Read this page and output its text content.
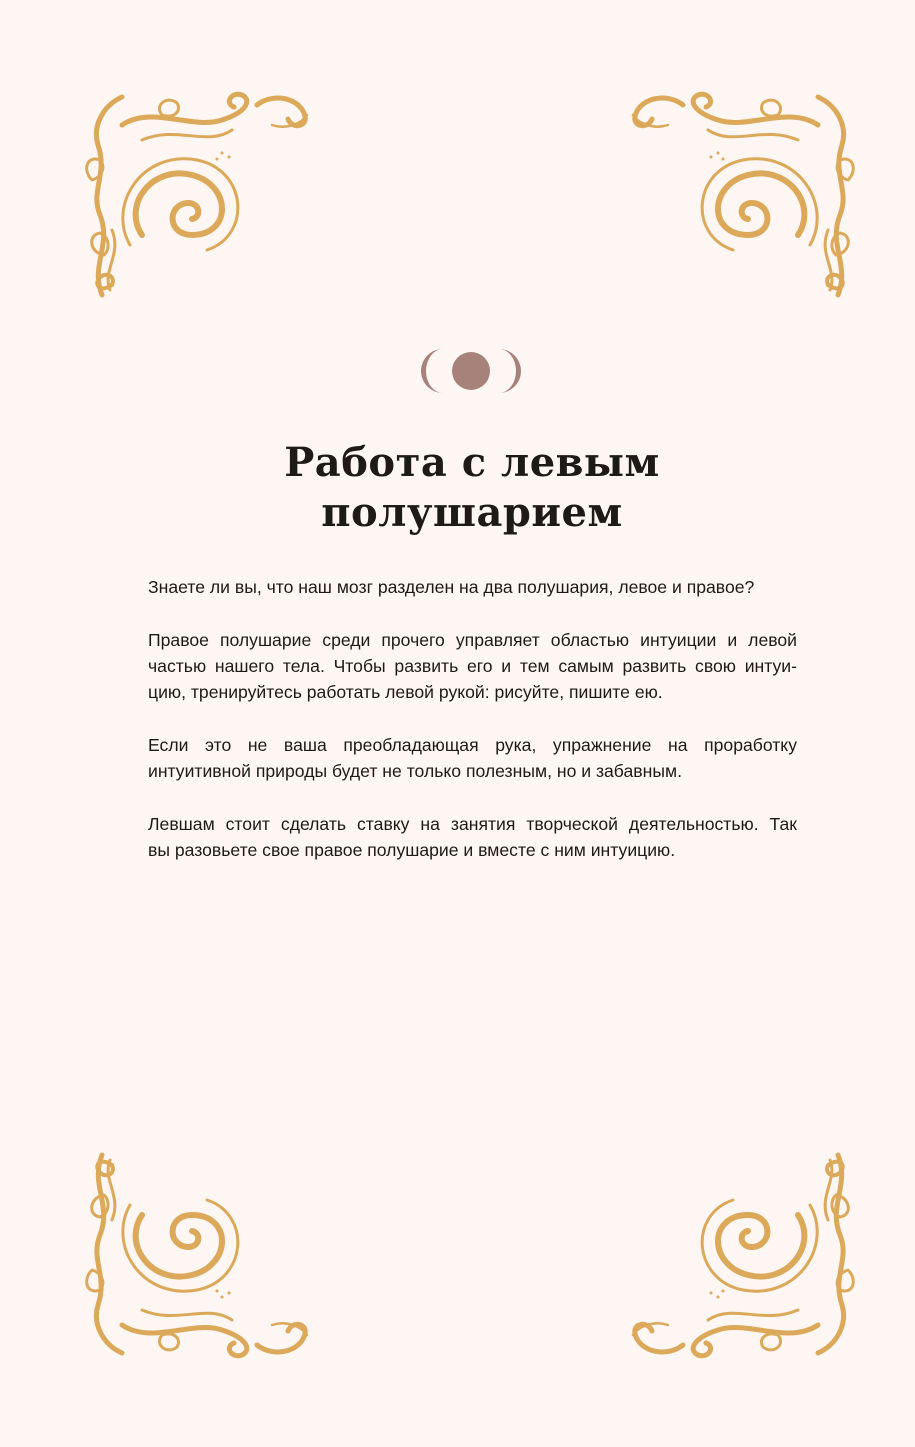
Работа с левым
полушарием

Знаете ли вы, что наш мозг разделен на два полушария, левое и правое?

Правое полушарие среди прочего управляет областью интуиции и левой
частью нашего тела. Чтобы развить его и тем самым развить свою интуи-
цию, тренируйтесь работать левой рукой: рисуйте, пишите ею.

Если это не ваша преобладающая рука, упражнение на проработку
интуитивной природы будет не только полезным, но и забавным.

Левшам стоит сделать ставку на занятия творческой деятельностью. Так
вы разовьете свое правое полушарие и вместе с ним интуицию.
